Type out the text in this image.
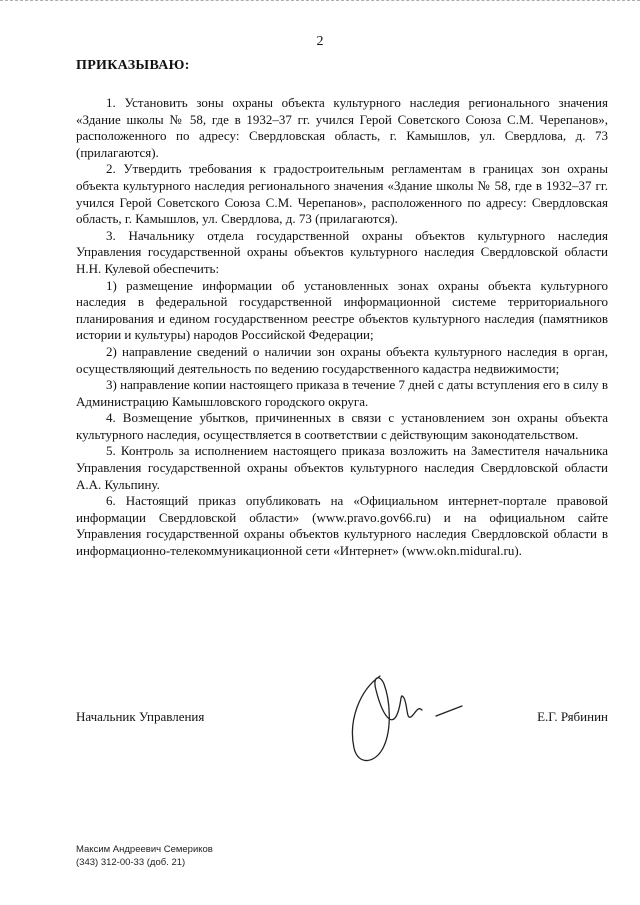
2
ПРИКАЗЫВАЮ:

1. Установить зоны охраны объекта культурного наследия регионального значения «Здание школы № 58, где в 1932–37 гг. учился Герой Советского Союза С.М. Черепанов», расположенного по адресу: Свердловская область, г. Камышлов, ул. Свердлова, д. 73 (прилагаются).

2. Утвердить требования к градостроительным регламентам в границах зон охраны объекта культурного наследия регионального значения «Здание школы № 58, где в 1932–37 гг. учился Герой Советского Союза С.М. Черепанов», расположенного по адресу: Свердловская область, г. Камышлов, ул. Свердлова, д. 73 (прилагаются).

3. Начальнику отдела государственной охраны объектов культурного наследия Управления государственной охраны объектов культурного наследия Свердловской области Н.Н. Кулевой обеспечить:

1) размещение информации об установленных зонах охраны объекта культурного наследия в федеральной государственной информационной системе территориального планирования и едином государственном реестре объектов культурного наследия (памятников истории и культуры) народов Российской Федерации;

2) направление сведений о наличии зон охраны объекта культурного наследия в орган, осуществляющий деятельность по ведению государственного кадастра недвижимости;

3) направление копии настоящего приказа в течение 7 дней с даты вступления его в силу в Администрацию Камышловского городского округа.

4. Возмещение убытков, причиненных в связи с установлением зон охраны объекта культурного наследия, осуществляется в соответствии с действующим законодательством.

5. Контроль за исполнением настоящего приказа возложить на Заместителя начальника Управления государственной охраны объектов культурного наследия Свердловской области А.А. Кульпину.

6. Настоящий приказ опубликовать на «Официальном интернет-портале правовой информации Свердловской области» (www.pravo.gov66.ru) и на официальном сайте Управления государственной охраны объектов культурного наследия Свердловской области в информационно-телекоммуникационной сети «Интернет» (www.okn.midural.ru).

Начальник Управления	Е.Г. Рябинин
Максим Андреевич Семериков
(343) 312-00-33 (доб. 21)
